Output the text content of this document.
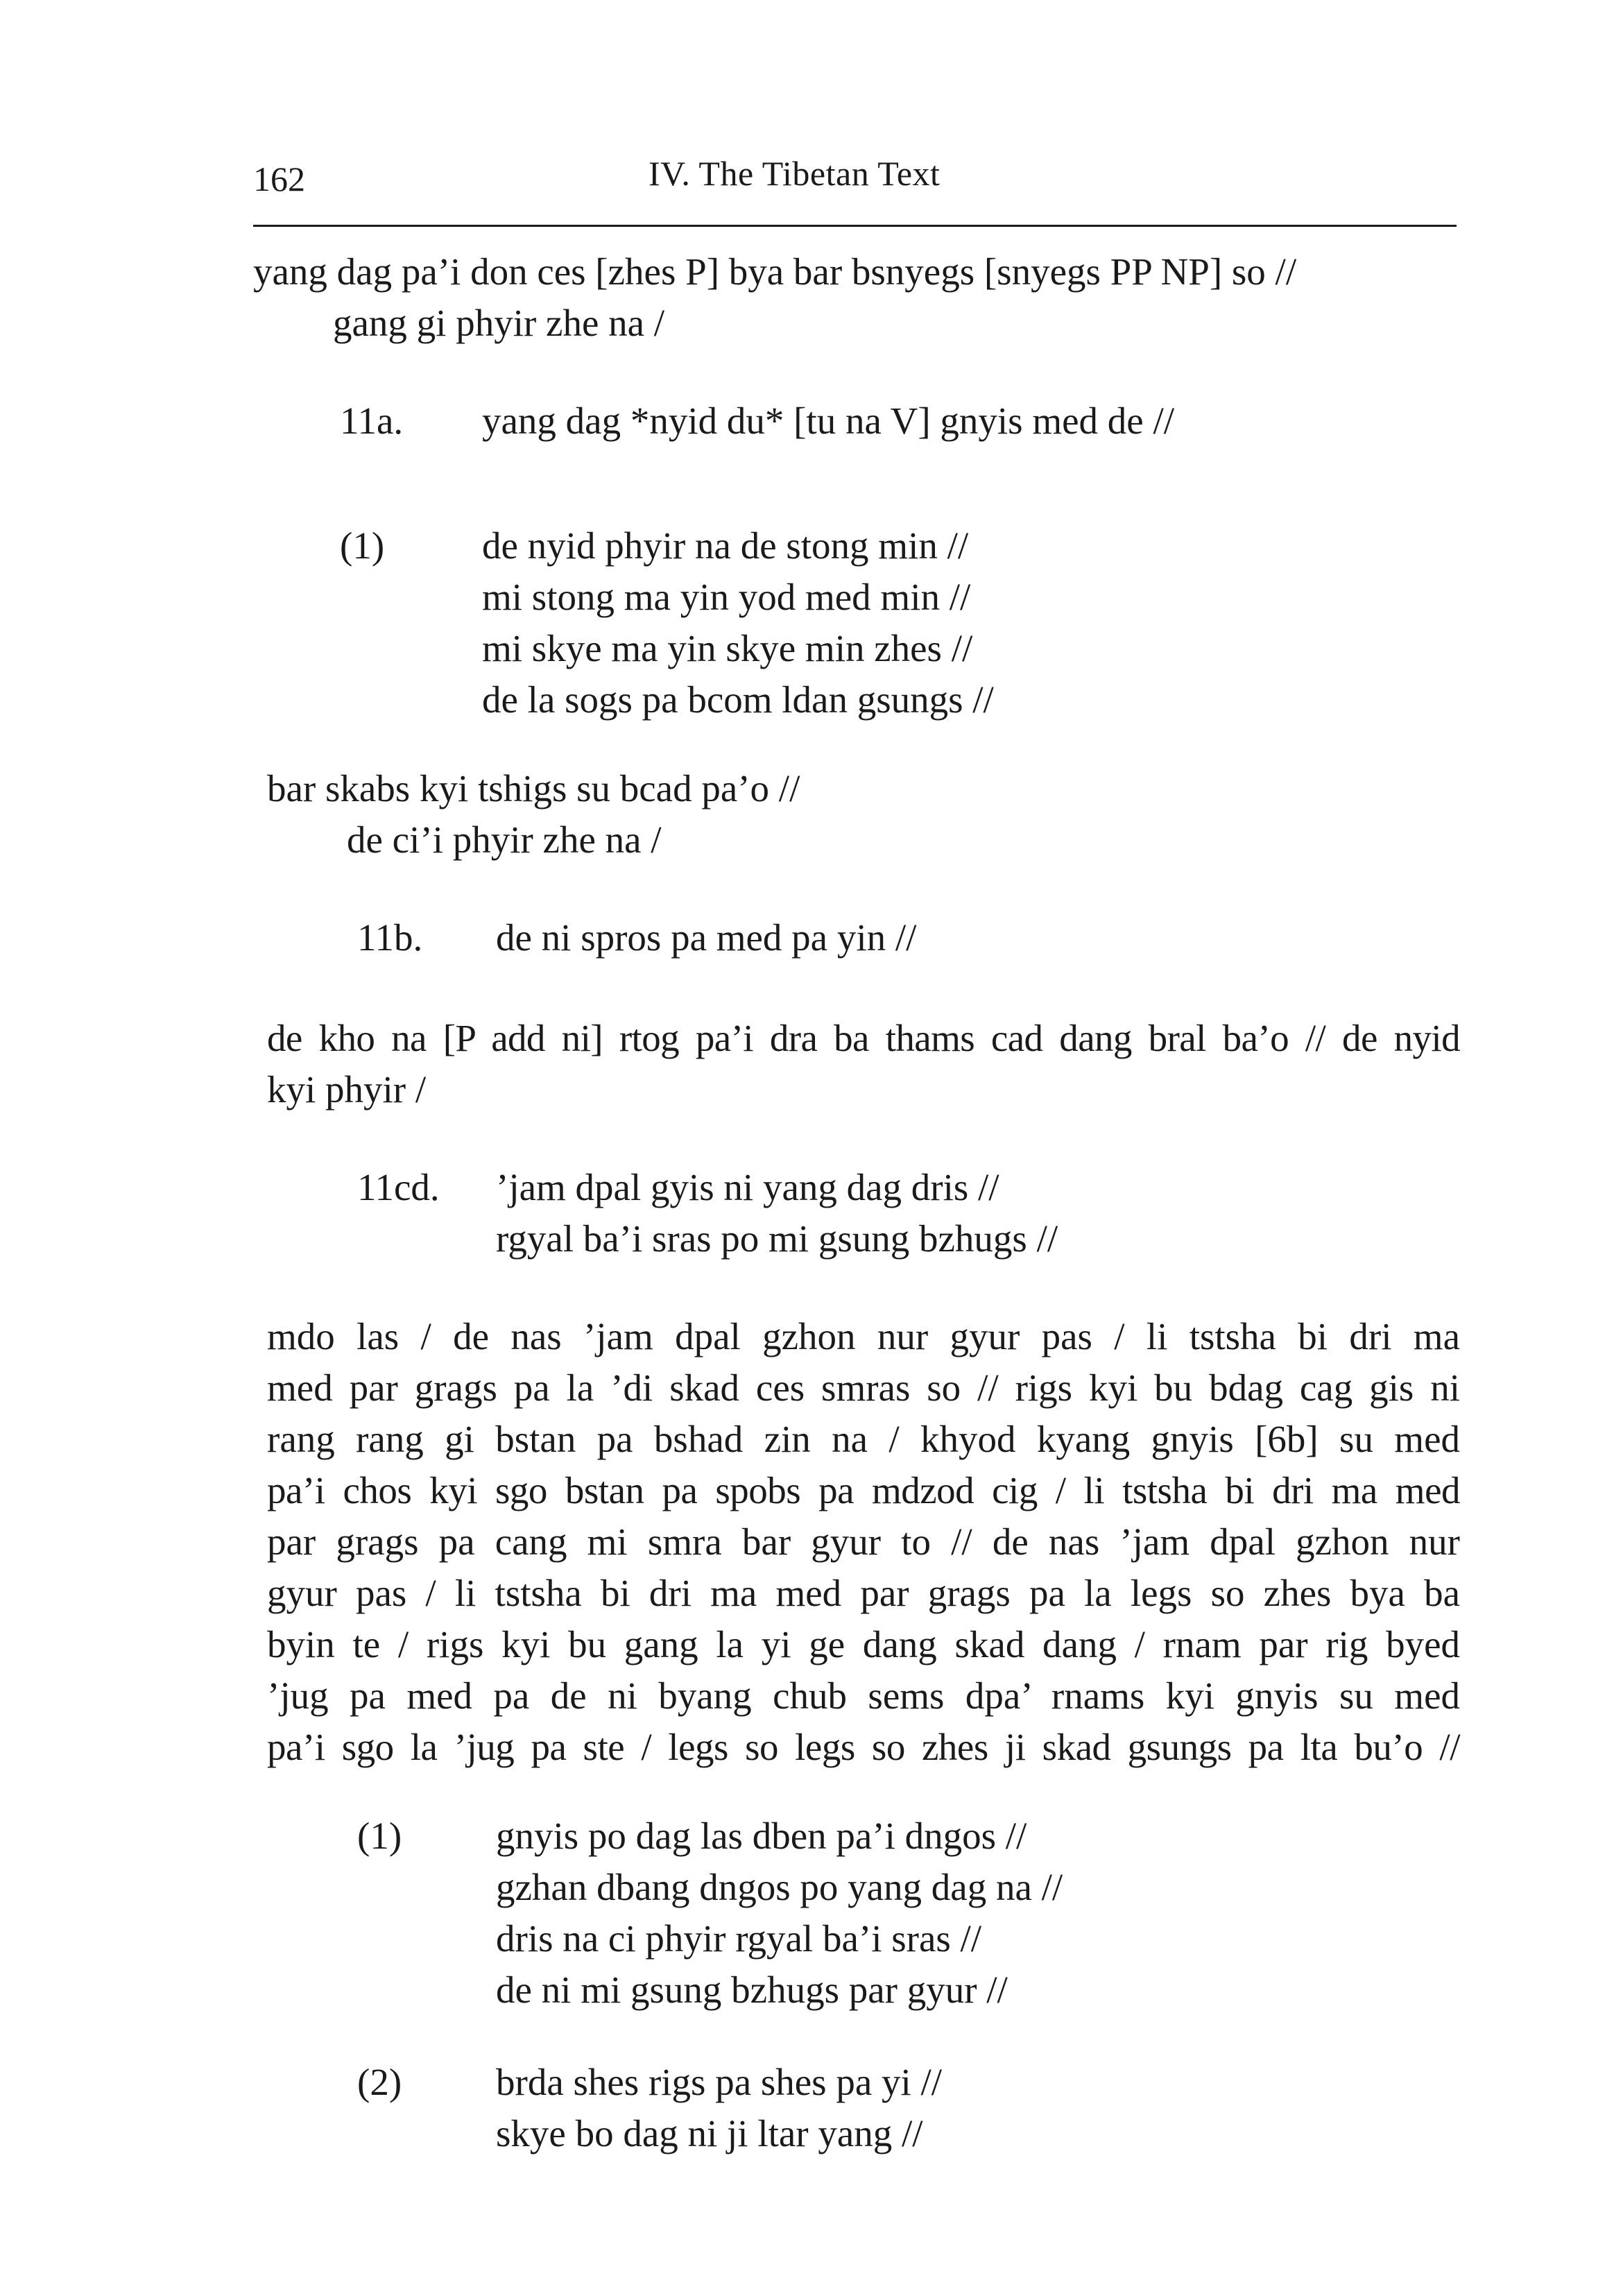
162	IV. The Tibetan Text
yang dag pa’i don ces [zhes P] bya bar bsnyegs [snyegs PP NP] so //
gang gi phyir zhe na /
11a. yang dag *nyid du* [tu na V] gnyis med de //
(1)	de nyid phyir na de stong min //
mi stong ma yin yod med min //
mi skye ma yin skye min zhes //
de la sogs pa bcom ldan gsungs //
bar skabs kyi tshigs su bcad pa’o //
de ci’i phyir zhe na /
11b. de ni spros pa med pa yin //
de kho na [P add ni] rtog pa’i dra ba thams cad dang bral ba’o // de nyid
kyi phyir /
11cd. ’jam dpal gyis ni yang dag dris //
rgyal ba’i sras po mi gsung bzhugs //
mdo las / de nas ’jam dpal gzhon nur gyur pas / li tstsha bi dri ma
med par grags pa la ’di skad ces smras so // rigs kyi bu bdag cag gis ni
rang rang gi bstan pa bshad zin na / khyod kyang gnyis [6b] su med
pa’i chos kyi sgo bstan pa spobs pa mdzod cig / li tstsha bi dri ma med
par grags pa cang mi smra bar gyur to // de nas ’jam dpal gzhon nur
gyur pas / li tstsha bi dri ma med par grags pa la legs so zhes bya ba
byin te / rigs kyi bu gang la yi ge dang skad dang / rnam par rig byed
’jug pa med pa de ni byang chub sems dpa’ rnams kyi gnyis su med
pa’i sgo la ’jug pa ste / legs so legs so zhes ji skad gsungs pa lta bu’o //
(1) gnyis po dag las dben pa’i dngos //
gzhan dbang dngos po yang dag na //
dris na ci phyir rgyal ba’i sras //
de ni mi gsung bzhugs par gyur //
(2) brda shes rigs pa shes pa yi //
skye bo dag ni ji ltar yang //
